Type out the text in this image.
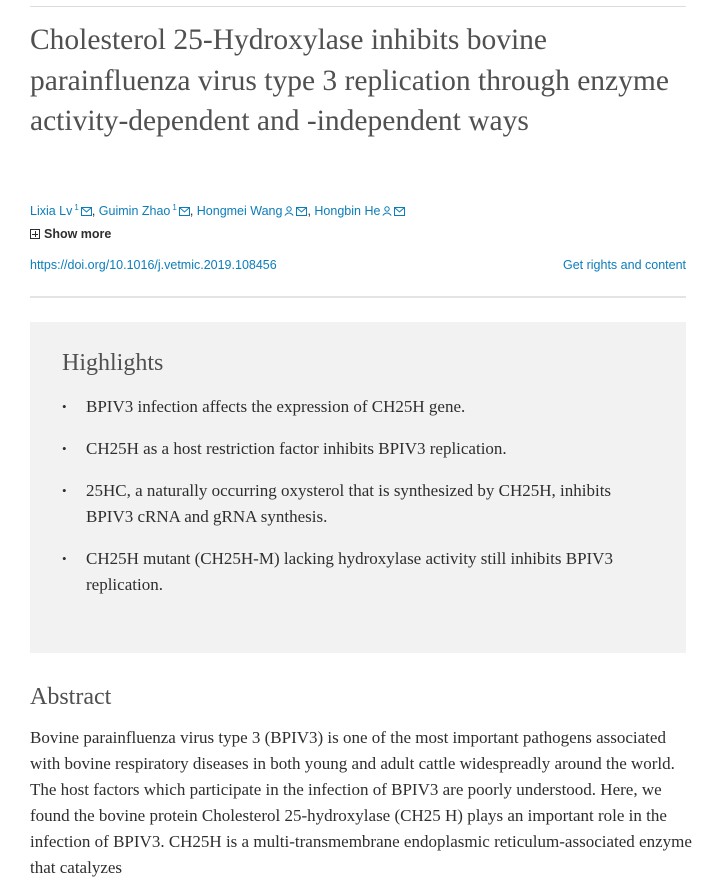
Cholesterol 25-Hydroxylase inhibits bovine parainfluenza virus type 3 replication through enzyme activity-dependent and -independent ways
Lixia Lv $^1$ , Guimin Zhao $^1$ , Hongmei Wang , Hongbin He
Show more
https://doi.org/10.1016/j.vetmic.2019.108456	Get rights and content
Highlights
• BPIV3 infection affects the expression of CH25H gene.
• CH25H as a host restriction factor inhibits BPIV3 replication.
• 25HC, a naturally occurring oxysterol that is synthesized by CH25H, inhibits BPIV3 cRNA and gRNA synthesis.
• CH25H mutant (CH25H-M) lacking hydroxylase activity still inhibits BPIV3 replication.
Abstract

Bovine parainfluenza virus type 3 (BPIV3) is one of the most important pathogens associated with bovine respiratory diseases in both young and adult cattle widespreadly around the world. The host factors which participate in the infection of BPIV3 are poorly understood. Here, we found the bovine protein Cholesterol 25-hydroxylase (CH25 H) plays an important role in the infection of BPIV3. CH25H is a multi-transmembrane endoplasmic reticulum-associated enzyme that catalyzes
